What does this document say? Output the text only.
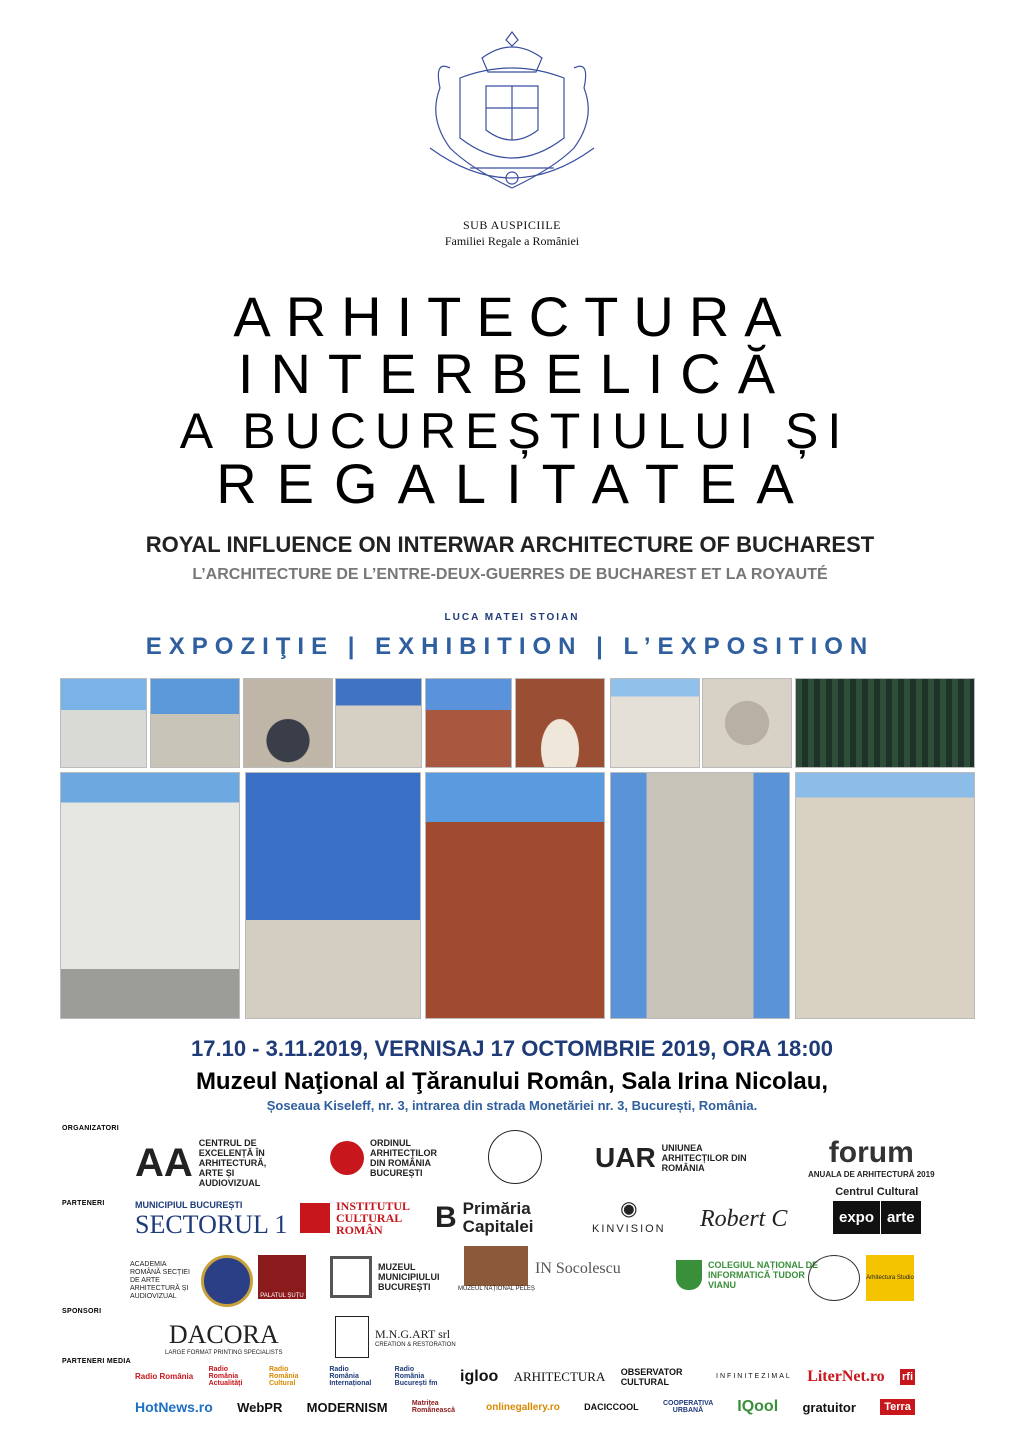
SUB AUSPICIILE
Familiei Regale a României
ARHITECTURA
INTERBELICĂ
A BUCUREȘTIULUI ȘI
REGALITATEA
ROYAL INFLUENCE ON INTERWAR ARCHITECTURE OF BUCHAREST
L’ARCHITECTURE DE L’ENTRE-DEUX-GUERRES DE BUCHAREST ET LA ROYAUTÉ
LUCA MATEI STOIAN
EXPOZIŢIE | EXHIBITION | L’EXPOSITION
17.10 - 3.11.2019, VERNISAJ 17 OCTOMBRIE 2019, ORA 18:00
Muzeul Naţional al Ţăranului Român, Sala Irina Nicolau,
Șoseaua Kiseleff, nr. 3, intrarea din strada Monetăriei nr. 3, București, România.
ORGANIZATORI
AA CENTRUL DE EXCELENȚĂ ÎN ARHITECTURĂ, ARTE ȘI AUDIOVIZUAL
ORDINUL ARHITECȚILOR DIN ROMÂNIA BUCUREȘTI	UAR UNIUNEA ARHITECȚILOR DIN ROMÂNIA	forum
ANUALA DE ARHITECTURĂ 2019
PARTENERI	MUNICIPIUL BUCUREȘTI
SECTORUL 1
INSTITUTUL CULTURAL ROMÂN	B Primăria Capitalei
◉
KINVISION Robert C
Centrul Cultural
expo arte
ACADEMIA ROMÂNĂ SECȚIEI DE ARTE ARHITECTURĂ ȘI AUDIOVIZUAL	PALATUL ȘUȚU
MUZEUL MUNICIPIULUI BUCUREȘTI	MUZEUL NAȚIONAL PELEȘ
IN Socolescu	COLEGIUL NAȚIONAL DE INFORMATICĂ TUDOR VIANU
Arhitectura Studio
SPONSORI
DACORA
LARGE FORMAT PRINTING SPECIALISTS
M.N.G.ART srl
CREATION & RESTORATION
PARTENERI MEDIA
Radio România
Radio România Actualități
Radio România Cultural
Radio România Internațional
Radio România București fm	igloo ARHITECTURA OBSERVATOR CULTURAL	INFINITEZIMAL LiterNet.ro rfi
HotNews.ro WebPR MODERNISM	Matrițea Românească	onlinegallery.ro	DACICCOOL	COOPERATIVA URBANĂ	IQool gratuitor	Terra
